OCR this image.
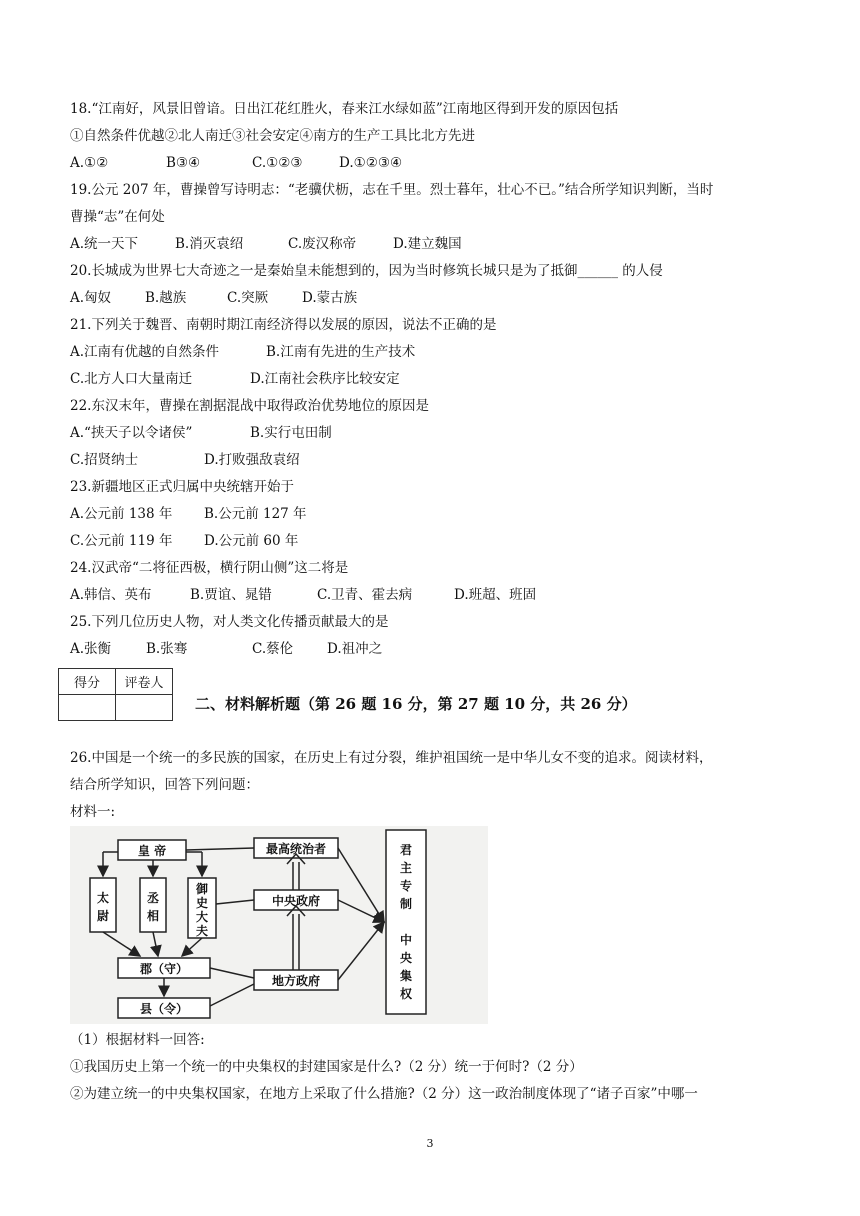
18.“江南好，风景旧曾谙。日出江花红胜火，春来江水绿如蓝”江南地区得到开发的原因包括
①自然条件优越②北人南迁③社会安定④南方的生产工具比北方先进
A.①②	B③④	C.①②③	D.①②③④
19.公元 207 年，曹操曾写诗明志：“老骥伏枥，志在千里。烈士暮年，壮心不已。”结合所学知识判断，当时
曹操“志”在何处
A.统一天下	B.消灭袁绍	C.废汉称帝	D.建立魏国
20.长城成为世界七大奇迹之一是秦始皇未能想到的，因为当时修筑长城只是为了抵御______ 的人侵
A.匈奴	B.越族	C.突厥	D.蒙古族
21.下列关于魏晋、南朝时期江南经济得以发展的原因，说法不正确的是
A.江南有优越的自然条件	B.江南有先进的生产技术
C.北方人口大量南迁	D.江南社会秩序比较安定
22.东汉末年，曹操在割据混战中取得政治优势地位的原因是
A.“挟天子以令诸侯”	B.实行屯田制
C.招贤纳士	D.打败强敌袁绍
23.新疆地区正式归属中央统辖开始于
A.公元前 138 年 B.公元前 127 年
C.公元前 119 年 D.公元前 60 年
24.汉武帝“二将征西极，横行阴山侧”这二将是
A.韩信、英布	B.贾谊、晁错	C.卫青、霍去病	D.班超、班固
25.下列几位历史人物，对人类文化传播贡献最大的是
A.张衡	B.张骞	C.蔡伦	D.祖冲之
得分	评卷人

二、材料解析题（第 26 题 16 分，第 27 题 10 分，共 26 分）
26.中国是一个统一的多民族的国家，在历史上有过分裂，维护祖国统一是中华儿女不变的追求。阅读材料，
结合所学知识，回答下列问题：
材料一:
皇 帝
太
尉
丞
相
御
史
大
夫
郡（守）
县（令）
最高统治者
中央政府
地方政府
君
主
专
制
中
央
集
权
（1）根据材料一回答:
①我国历史上第一个统一的中央集权的封建国家是什么?（2 分）统一于何时?（2 分）
②为建立统一的中央集权国家，在地方上采取了什么措施?（2 分）这一政治制度体现了“诸子百家”中哪一
3
